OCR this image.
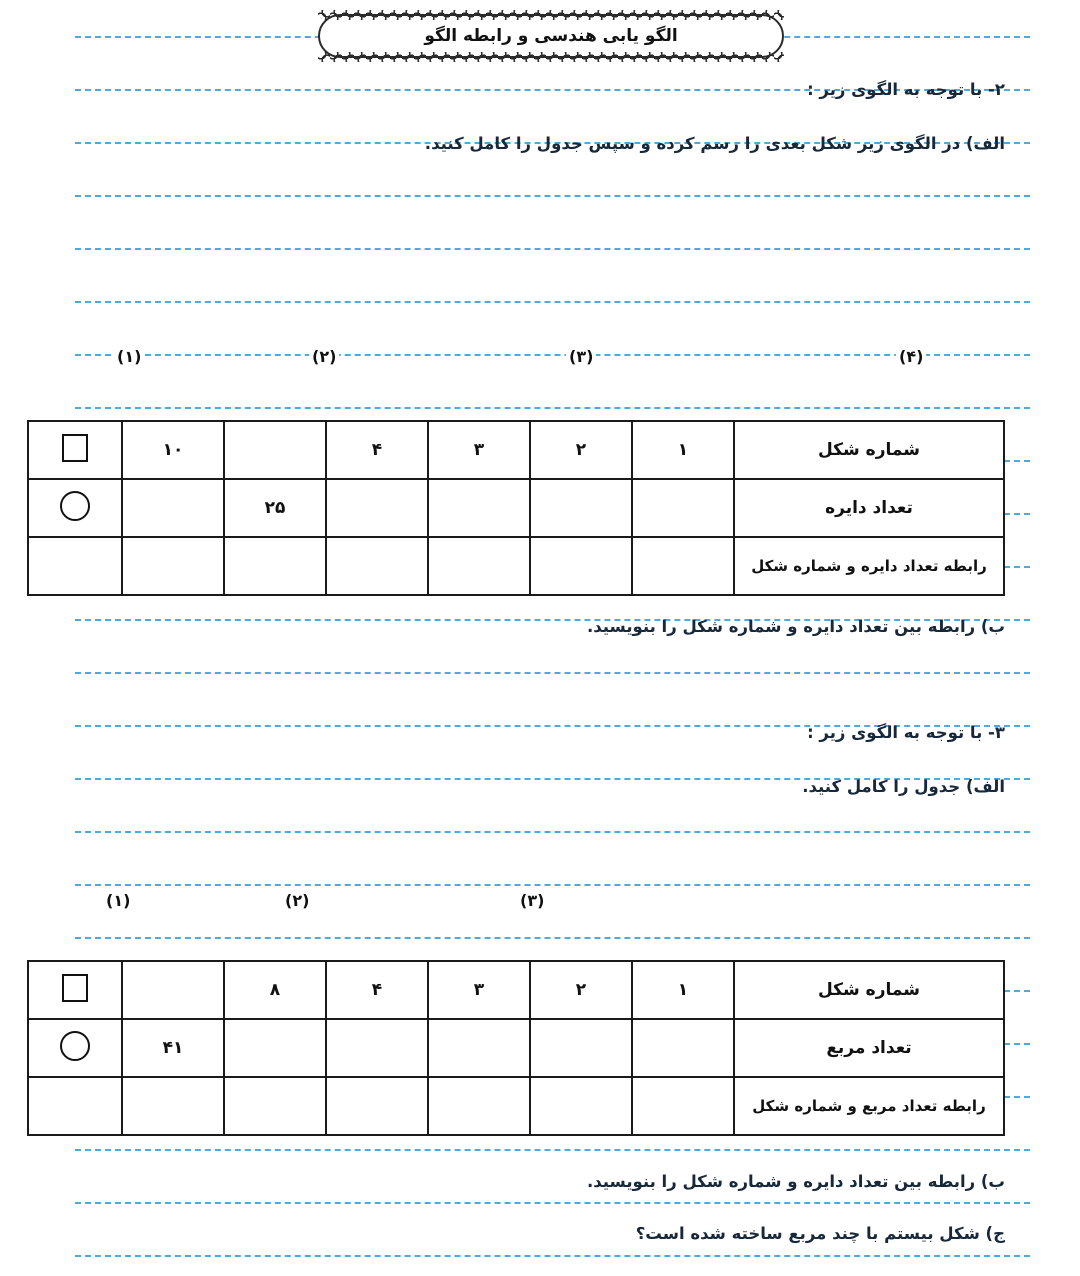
الگو یابی هندسی و رابطه الگو
۲- با توجه به الگوی زیر :
الف) در الگوی زیر شکل بعدی را رسم کرده و سپس جدول را کامل کنید.
(۱)	(۲)	(۳)	(۴)
شماره شکل	۱	۲	۳	۴		۱۰	
تعداد دایره					۲۵		
رابطه تعداد دایره و شماره شکل							
ب) رابطه بین تعداد دایره و شماره شکل را بنویسید.
۳- با توجه به الگوی زیر :
الف) جدول را کامل کنید.
(۱)	(۲)	(۳)
شماره شکل	۱	۲	۳	۴	۸		
تعداد مربع						۴۱	
رابطه تعداد مربع و شماره شکل							
ب) رابطه بین تعداد دایره و شماره شکل را بنویسید.
ج) شکل بیستم با چند مربع ساخته شده است؟
